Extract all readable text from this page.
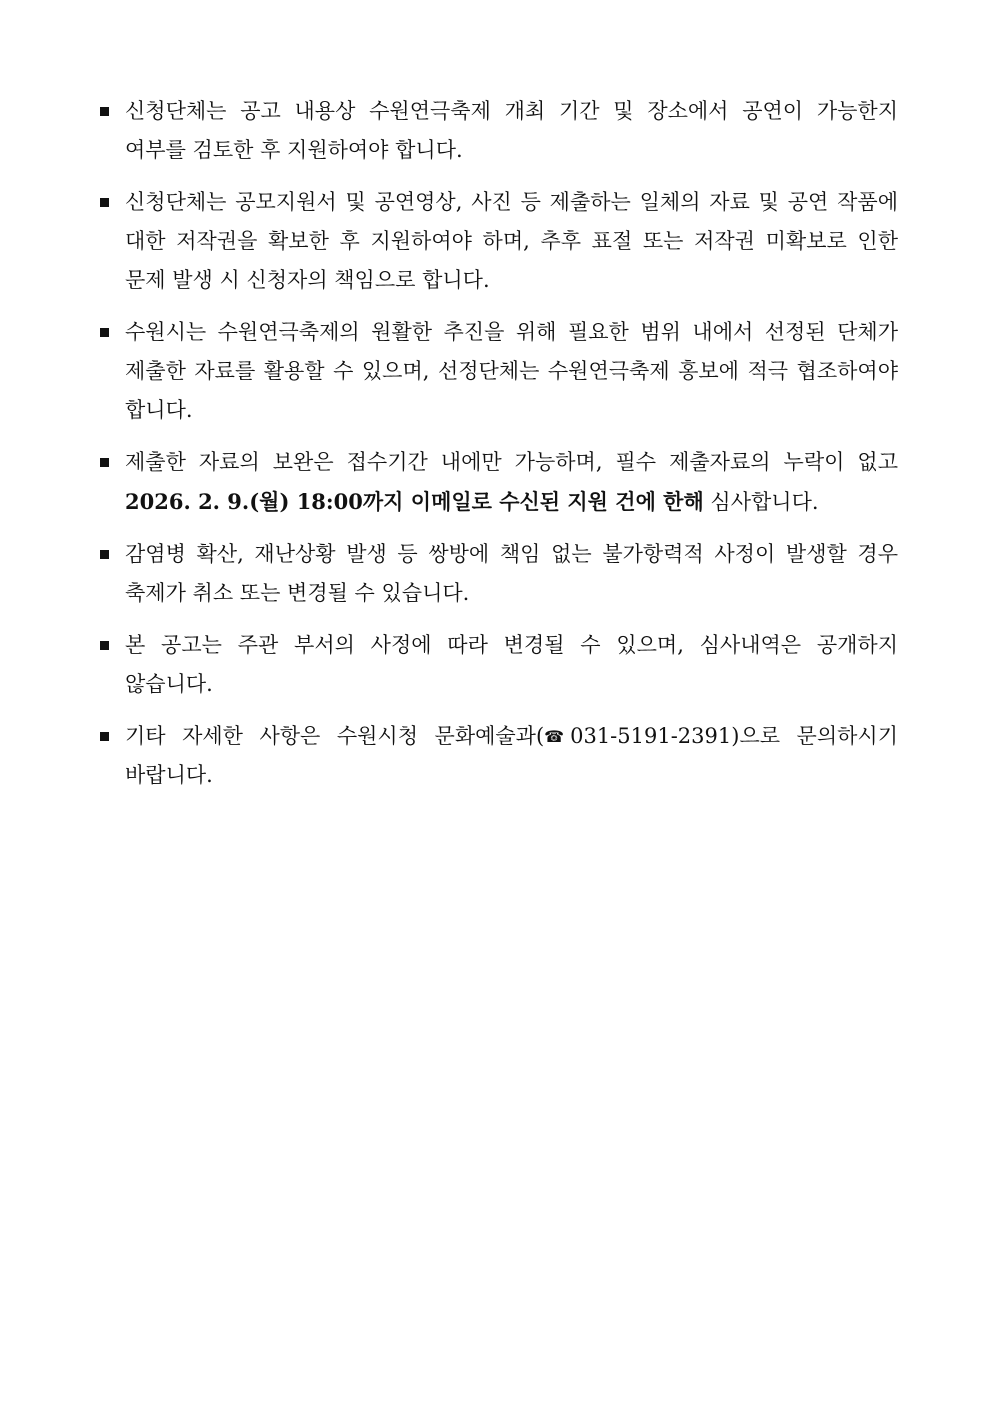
신청단체는 공고 내용상 수원연극축제 개최 기간 및 장소에서 공연이 가능한지 여부를 검토한 후 지원하여야 합니다.
신청단체는 공모지원서 및 공연영상, 사진 등 제출하는 일체의 자료 및 공연 작품에 대한 저작권을 확보한 후 지원하여야 하며, 추후 표절 또는 저작권 미확보로 인한 문제 발생 시 신청자의 책임으로 합니다.
수원시는 수원연극축제의 원활한 추진을 위해 필요한 범위 내에서 선정된 단체가 제출한 자료를 활용할 수 있으며, 선정단체는 수원연극축제 홍보에 적극 협조하여야 합니다.
제출한 자료의 보완은 접수기간 내에만 가능하며, 필수 제출자료의 누락이 없고 2026. 2. 9.(월) 18:00까지 이메일로 수신된 지원 건에 한해 심사합니다.
감염병 확산, 재난상황 발생 등 쌍방에 책임 없는 불가항력적 사정이 발생할 경우 축제가 취소 또는 변경될 수 있습니다.
본 공고는 주관 부서의 사정에 따라 변경될 수 있으며, 심사내역은 공개하지 않습니다.
기타 자세한 사항은 수원시청 문화예술과(☎ 031-5191-2391)으로 문의하시기 바랍니다.
